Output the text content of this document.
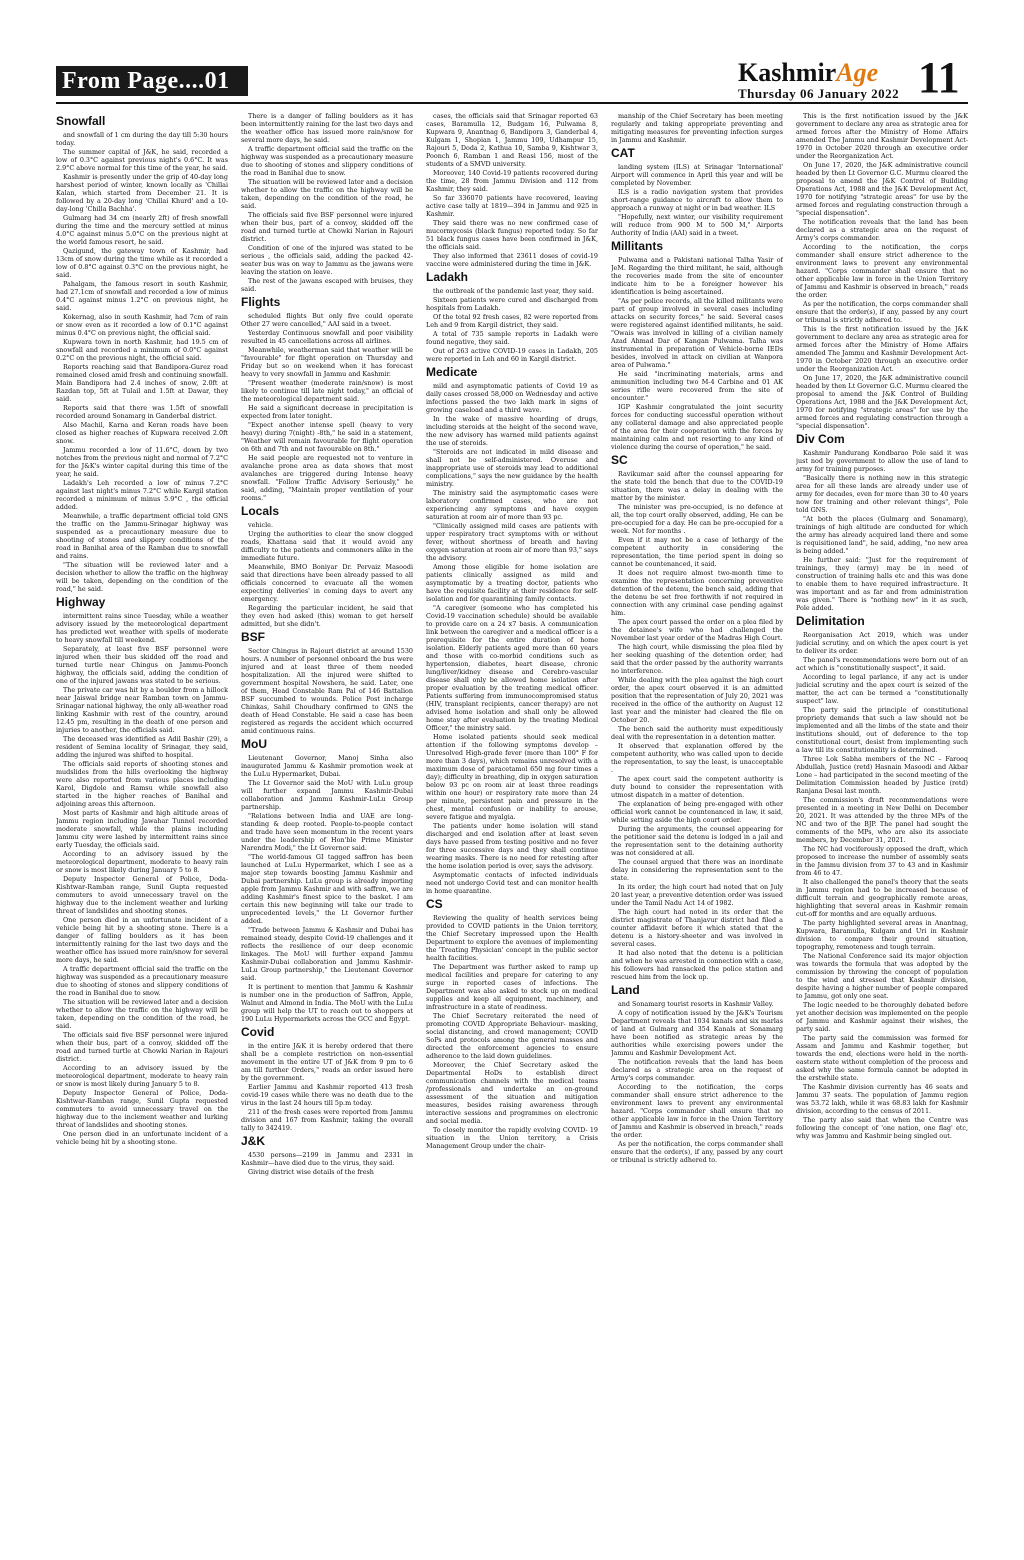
From Page....01	KashmirAge
Thursday 06 January 2022 11
Snowfall

and snowfall of 1 cm during the day till 5:30 hours today.

The summer capital of J&K, he said, recorded a low of 0.3°C against previous night's 0.6°C. It was 2.9°C above normal for this time of the year, he said.

Kashmir is presently under the grip of 40-day long harshest period of winter, known locally as 'Chillai Kalan, which started from December 21. It is followed by a 20-day long 'Chillai Khurd' and a 10-day-long 'Chilla Bachha'.

Gulmarg had 34 cm (nearly 2ft) of fresh snowfall during the time and the mercury settled at minus 4.0°C against minus 5.0°C on the previous night at the world famous resort, he said.

Qazigund, the gateway town of Kashmir, had 13cm of snow during the time while as it recorded a low of 0.8°C against 0.3°C on the previous night, he said.

Pahalgam, the famous resort in south Kashmir, had 27.1cm of snowfall and recorded a low of minus 0.4°C against minus 1.2°C on previous night, he said.

Kokernag, also in south Kashmir, had 7cm of rain or snow even as it recorded a low of 0.1°C against minus 0.4°C on previous night, the official said.

Kupwara town in north Kashmir, had 19.5 cm of snowfall and recorded a minimum of 0.0°C against 0.2°C on the previous night, the official said.

Reports reaching said that Bandipora-Gurez road remained closed amid fresh and continuing snowfall. Main Bandipora had 2.4 inches of snow, 2.0ft at Razdan top, 5ft at Tulail and 1.5ft at Dawar, they said.

Reports said that there was 1.5ft of snowfall recorded around Sonamarg in Ganderbal district.

Also Machil, Karna and Keran roads have been closed as higher reaches of Kupwara received 2.0ft snow.

Jammu recorded a low of 11.6°C, down by two notches from the previous night and normal of 7.2°C for the J&K's winter capital during this time of the year, he said.

Ladakh's Leh recorded a low of minus 7.2°C against last night's minus 7.2°C while Kargil station recorded a minimum of minus 5.9°C , the official added.

Meanwhile, a traffic department official told GNS the traffic on the Jammu-Srinagar highway was suspended as a precautionary measure due to shooting of stones and slippery conditions of the road in Banihal area of the Ramban due to snowfall and rains.

"The situation will be reviewed later and a decision whether to allow the traffic on the highway will be taken, depending on the condition of the road," he said.

Highway

intermittent rains since Tuesday, while a weather advisory issued by the meteorological department has predicted wet weather with spells of moderate to heavy snowfall till weekend.

Separately, at least five BSF personnel were injured when their bus skidded off the road and turned turtle near Chingus on Jammu-Poonch highway, the officials said, adding the condition of one of the injured jawans was stated to be serious.

The private car was hit by a boulder from a hillock near Jaiswal bridge near Ramban town on Jammu-Srinagar national highway, the only all-weather road linking Kashmir with rest of the country, around 12.45 pm, resulting in the death of one person and injuries to another, the officials said.

The deceased was identified as Adil Bashir (29), a resident of Semina locality of Srinagar, they said, adding the injured was shifted to hospital.

The officials said reports of shooting stones and mudslides from the hills overlooking the highway were also reported from various places including Karol, Digdole and Ramsu while snowfall also started in the higher reaches of Banihal and adjoining areas this afternoon.

Most parts of Kashmir and high altitude areas of Jammu region including Jawahar Tunnel recorded moderate snowfall, while the plains including Jammu city were lashed by intermittent rains since early Tuesday, the officials said.

According to an advisory issued by the meteorological department, moderate to heavy rain or snow is most likely during January 5 to 8.

Deputy Inspector General of Police, Doda-Kishtwar-Ramban range, Sunil Gupta requested commuters to avoid unnecessary travel on the highway due to the inclement weather and lurking threat of landslides and shooting stones.

One person died in an unfortunate incident of a vehicle being hit by a shooting stone. There is a danger of falling boulders as it has been intermittently raining for the last two days and the weather office has issued more rain/snow for several more days, he said.

A traffic department official said the traffic on the highway was suspended as a precautionary measure due to shooting of stones and slippery conditions of the road in Banihal due to snow.

The situation will be reviewed later and a decision whether to allow the traffic on the highway will be taken, depending on the condition of the road, he said.

The officials said five BSF personnel were injured when their bus, part of a convoy, skidded off the road and turned turtle at Chowki Narian in Rajouri district.

According to an advisory issued by the meteorological department, moderate to heavy rain or snow is most likely during January 5 to 8.

Deputy Inspector General of Police, Doda-Kishtwar-Ramban range, Sunil Gupta requested commuters to avoid unnecessary travel on the highway due to the inclement weather and lurking threat of landslides and shooting stones.

One person died in an unfortunate incident of a vehicle being hit by a shooting stone.

There is a danger of falling boulders as it has been intermittently raining for the last two days and the weather office has issued more rain/snow for several more days, he said.

A traffic department official said the traffic on the highway was suspended as a precautionary measure due to shooting of stones and slippery conditions of the road in Banihal due to snow.

The situation will be reviewed later and a decision whether to allow the traffic on the highway will be taken, depending on the condition of the road, he said.

The officials said five BSF personnel were injured when their bus, part of a convoy, skidded off the road and turned turtle at Chowki Narian in Rajouri district.

Condition of one of the injured was stated to be serious , the officials said, adding the packed 42-seater bus was on way to Jammu as the jawans were leaving the station on leave.

The rest of the jawans escaped with bruises, they said.

Flights

scheduled flights But only five could operate Other 27 were cancelled," AAI said in a tweet.

Yesterday Continuous snowfall and poor visibility resulted in 45 cancellations across all airlines.

Meanwhile, weatherman said that weather will be "favourable" for flight operation on Thursday and Friday but so on weekend when it has forecast heavy to very snowfall in Jammu and Kashmir.

"Present weather (moderate rain/snow) is most likely to continue till late night today," an official of the meteorological department said.

He said a significant decrease in precipitation is expected from later tonight.

"Expect another intense spell (heavy to very heavy) during 7(night) -8th," he said in a statement, "Weather will remain favourable for flight operation on 6th and 7th and not favourable on 8th."

He said people are requested not to venture in avalanche prone area as data shows that most avalanches are triggered during Intense heavy snowfall. "Follow Traffic Advisory Seriously," he said, adding, "Maintain proper ventilation of your rooms."

Locals

vehicle.

Urging the authorities to clear the snow clogged roads, Khattana said that it would avoid any difficulty to the patients and commoners alike in the immediate future.

Meanwhile, BMO Boniyar Dr. Pervaiz Masoodi said that directions have been already passed to all officials concerned to evacuate all the women expecting deliveries' in coming days to avert any emergency.

Regarding the particular incident, he said that they even had asked (this) woman to get herself admitted, but she didn't.

BSF

Sector Chingus in Rajouri district at around 1530 hours. A number of personnel onboard the bus were injured and at least three of them needed hospitalization. All the injured were shifted to government hospital Nowshera, he said. Later, one of them, Head Constable Ram Pal of 146 Battalion BSF succumbed to wounds. Police Post incharge Chinkas, Sahil Choudhary confirmed to GNS the death of Head Constable. He said a case has been registered as regards the accident which occurred amid continuous rains.

MoU

Lieutenant Governor, Manoj Sinha also inaugurated Jammu & Kashmir promotion week at the LuLu Hypermarket, Dubai.

The Lt Governor said the MoU with LuLu group will further expand Jammu Kashmir-Dubai collaboration and Jammu Kashmir-LuLu Group partnership.

"Relations between India and UAE are long-standing & deep rooted. People-to-people contact and trade have seen momentum in the recent years under the leadership of Hon'ble Prime Minister Narendra Modi," the Lt Governor said.

"The world-famous GI tagged saffron has been launched at LuLu Hypermarket, which I see as a major step towards boosting Jammu Kashmir and Dubai partnership. LuLu group is already importing apple from Jammu Kashmir and with saffron, we are adding Kashmir's finest spice to the basket. I am certain this new beginning will take our trade to unprecedented levels," the Lt Governor further added.

"Trade between Jammu & Kashmir and Dubai has remained steady, despite Covid-19 challenges and it reflects the resilience of our deep economic linkages. The MoU will further expand Jammu Kashmir-Dubai collaboration and Jammu Kashmir-LuLu Group partnership," the Lieutenant Governor said.

It is pertinent to mention that Jammu & Kashmir is number one in the production of Saffron, Apple, Walnut and Almond in India. The MoU with the LuLu group will help the UT to reach out to shoppers at 190 LuLu Hypermarkets across the GCC and Egypt.

Covid

in the entire J&K it is hereby ordered that there shall be a complete restriction on non-essential movement in the entire UT of J&K from 9 pm to 6 am till further Orders," reads an order issued here by the government.

Earlier Jammu and Kashmir reported 413 fresh covid-19 cases while there was no death due to the virus in the last 24 hours till 5p.m today.

211 of the fresh cases were reported from Jammu division and 167 from Kashmir, taking the overall tally to 342419.

J&K

4530 persons—2199 in Jammu and 2331 in Kashmir—have died due to the virus, they said.

Giving district wise details of the fresh

cases, the officials said that Srinagar reported 63 cases, Baramulla 12, Budgam 16, Pulwama 8, Kupwara 9, Anantnag 6, Bandipora 3, Ganderbal 4, Kulgam 1, Shopian 1, Jammu 109, Udhampur 15, Rajouri 5, Doda 2, Kathua 10, Samba 9, Kishtwar 3, Poonch 6, Ramban 1 and Reasi 156, most of the students of a SMVD university.

Moreover, 140 Covid-19 patients recovered during the time, 28 from Jammu Division and 112 from Kashmir, they said.

So far 336070 patients have recovered, leaving active case tally at 1819—394 in Jammu and 925 in Kashmir.

They said there was no new confirmed case of mucormycosis (black fungus) reported today. So far 51 black fungus cases have been confirmed in J&K, the officials said.

They also informed that 23611 doses of covid-19 vaccine were administered during the time in J&K.

Ladakh

the outbreak of the pandemic last year, they said.

Sixteen patients were cured and discharged from hospitals from Ladakh.

Of the total 92 fresh cases, 82 were reported from Leh and 9 from Kargil district, they said.

A total of 735 sample reports in Ladakh were found negative, they said.

Out of 263 active COVID-19 cases in Ladakh, 205 were reported in Leh and 60 in Kargil district.

Medicate

mild and asymptomatic patients of Covid 19 as daily cases crossed 58,000 on Wednesday and active infections passed the two lakh mark in signs of growing caseload and a third wave.

In the wake of massive hoarding of drugs, including steroids at the height of the second wave, the new advisory has warned mild patients against the use of steroids.

"Steroids are not indicated in mild disease and shall not be self-administered. Overuse and inappropriate use of steroids may lead to additional complications," says the new guidance by the health ministry.

The ministry said the asymptomatic cases were laboratory confirmed cases, who are not experiencing any symptoms and have oxygen saturation at room air of more than 93 pc.

"Clinically assigned mild cases are patients with upper respiratory tract symptoms with or without fever, without shortness of breath and having oxygen saturation at room air of more than 93," says the advisory.

Among those eligible for home isolation are patients clinically assigned as mild and asymptomatic by a treating doctor, patients who have the requisite facility at their residence for self-isolation and for quarantining family contacts.

"A caregiver (someone who has completed his Covid-19 vaccination schedule) should be available to provide care on a 24 x7 basis. A communication link between the caregiver and a medical officer is a prerequisite for the entire duration of home isolation. Elderly patients aged more than 60 years and those with co-morbid conditions such as hypertension, diabetes, heart disease, chronic lung/liver/kidney disease and Cerebro-vascular disease shall only be allowed home isolation after proper evaluation by the treating medical officer. Patients suffering from immunocompromised status (HIV, transplant recipients, cancer therapy) are not advised home isolation and shall only be allowed home stay after evaluation by the treating Medical Officer," the ministry said.

Home isolated patients should seek medical attention if the following symptoms develop – Unresolved High-grade fever (more than 100° F for more than 3 days), which remains unresolved with a maximum dose of paracetamol 650 mg four times a day); difficulty in breathing, dip in oxygen saturation below 93 pc on room air at least three readings within one hour) or respiratory rate more than 24 per minute, persistent pain and pressure in the chest, mental confusion or inability to arouse, severe fatigue and myalgia.

The patients under home isolation will stand discharged and end isolation after at least seven days have passed from testing positive and no fever for three successive days and they shall continue wearing masks. There is no need for retesting after the home isolation period is over, says the advisory.

Asymptomatic contacts of infected individuals need not undergo Covid test and can monitor health in home quarantine.

CS

Reviewing the quality of health services being provided to COVID patients in the Union territory, the Chief Secretary impressed upon the Health Department to explore the avenues of implementing the 'Treating Physician' concept in the public sector health facilities.

The Department was further asked to ramp up medical facilities and prepare for catering to any surge in reported cases of infections. The Department was also asked to stock up on medical supplies and keep all equipment, machinery, and infrastructure in a state of readiness.

The Chief Secretary reiterated the need of promoting COVID Appropriate Behaviour- masking, social distancing, and crowd management; COVID SoPs and protocols among the general masses and directed the enforcement agencies to ensure adherence to the laid down guidelines.

Moreover, the Chief Secretary asked the Departmental HoDs to establish direct communication channels with the medical teams /professionals and undertake an on-ground assessment of the situation and mitigation measures, besides raising awareness through interactive sessions and programmes on electronic and social media.

To closely monitor the rapidly evolving COVID- 19 situation in the Union territory, a Crisis Management Group under the chair-

manship of the Chief Secretary has been meeting regularly and taking appropriate preventing and mitigating measures for preventing infection surges in Jammu and Kashmir.

CAT

landing system (ILS) at Srinagar 'International' Airport will commence in April this year and will be completed by November.

ILS is a radio navigation system that provides short-range guidance to aircraft to allow them to approach a runway at night or in bad weather. ILS

"Hopefully, next winter, our visibility requirement will reduce from 900 M to 500 M," Airports Authority of India (AAI) said in a tweet.

Millitants

Pulwama and a Pakistani national Talha Yasir of JeM. Regarding the third militant, he said, although the recoveries made from the site of encounter indicate him to be a foreigner however his identification is being ascertained.

"As per police records, all the killed militants were part of group involved in several cases including attacks on security forces," he said. Several cases were registered against identified militants, he said. "Owais was involved in killing of a civilian namely Azad Ahmad Dar of Kangan Pulwama. Talha was instrumental in preparation of Vehicle-borne IEDs besides, involved in attack on civilian at Wanpora area of Pulwama."

He said "incriminating materials, arms and ammunition including two M-4 Carbine and 01 AK series rifle were recovered from the site of encounter."

IGP Kashmir congratulated the joint security forces for conducting successful operation without any collateral damage and also appreciated people of the area for their cooperation with the forces by maintaining calm and not resorting to any kind of violence during the course of operation," he said.

SC

Ravikumar said after the counsel appearing for the state told the bench that due to the COVID-19 situation, there was a delay in dealing with the matter by the minister.

The minister was pre-occupied, is no defence at all, the top court orally observed, adding, He can be pre-occupied for a day. He can be pre-occupied for a week. Not for months .

Even if it may not be a case of lethargy of the competent authority in considering the representation, the time period spent in doing so cannot be countenanced, it said.

It does not require almost two-month time to examine the representation concerning preventive detention of the detenu, the bench said, adding that the detenu be set free forthwith if not required in connection with any criminal case pending against him.

The apex court passed the order on a plea filed by the detainee's wife who had challenged the November last year order of the Madras High Court.

The high court, while dismissing the plea filed by her seeking quashing of the detention order, had said that the order passed by the authority warrants no interference.

While dealing with the plea against the high court order, the apex court observed it is an admitted position that the representation of July 20, 2021 was received in the office of the authority on August 12 last year and the minister had cleared the file on October 20.

The bench said the authority must expeditiously deal with the representation in a detention matter.

It observed that explanation offered by the competent authority, who was called upon to decide the representation, to say the least, is unacceptable .

The apex court said the competent authority is duty bound to consider the representation with utmost dispatch in a matter of detention.

The explanation of being pre-engaged with other official work cannot be countenanced in law, it said, while setting aside the high court order.

During the arguments, the counsel appearing for the petitioner said the detenu is lodged in a jail and the representation sent to the detaining authority was not considered at all.

The counsel argued that there was an inordinate delay in considering the representation sent to the state.

In its order, the high court had noted that on July 20 last year, a preventive detention order was issued under the Tamil Nadu Act 14 of 1982.

The high court had noted in its order that the district magistrate of Thanjavur district had filed a counter affidavit before it which stated that the detenu is a history-sheeter and was involved in several cases.

It had also noted that the detenu is a politician and when he was arrested in connection with a case, his followers had ransacked the police station and rescued him from the lock up.

Land

and Sonamarg tourist resorts in Kashmir Valley.

A copy of notification issued by the J&K's Tourism Department reveals that 1034 kanals and six marlas of land at Gulmarg and 354 Kanals at Sonamarg have been notified as strategic areas by the authorities while exercising powers under the Jammu and Kashmir Development Act.

The notification reveals that the land has been declared as a strategic area on the request of Army's corps commander.

According to the notification, the corps commander shall ensure strict adherence to the environment laws to prevent any environmental hazard. "Corps commander shall ensure that no other applicable law in force in the Union Territory of Jammu and Kashmir is observed in breach," reads the order.

As per the notification, the corps commander shall ensure that the order(s), if any, passed by any court or tribunal is strictly adhered to.

This is the first notification issued by the J&K government to declare any area as strategic area for armed forces after the Ministry of Home Affairs amended The Jammu and Kashmir Development Act-1970 in October 2020 through an executive order under the Reorganization Act.

On June 17, 2020, the J&K administrative council headed by then Lt Governor G.C. Murmu cleared the proposal to amend the J&K Control of Building Operations Act, 1988 and the J&K Development Act, 1970 for notifying "strategic areas" for use by the armed forces and regulating construction through a "special dispensation".

The notification reveals that the land has been declared as a strategic area on the request of Army's corps commander.

According to the notification, the corps commander shall ensure strict adherence to the environment laws to prevent any environmental hazard. "Corps commander shall ensure that no other applicable law in force in the Union Territory of Jammu and Kashmir is observed in breach," reads the order.

As per the notification, the corps commander shall ensure that the order(s), if any, passed by any court or tribunal is strictly adhered to.

This is the first notification issued by the J&K government to declare any area as strategic area for armed forces after the Ministry of Home Affairs amended The Jammu and Kashmir Development Act-1970 in October 2020 through an executive order under the Reorganization Act.

On June 17, 2020, the J&K administrative council headed by then Lt Governor G.C. Murmu cleared the proposal to amend the J&K Control of Building Operations Act, 1988 and the J&K Development Act, 1970 for notifying "strategic areas" for use by the armed forces and regulating construction through a "special dispensation".

Div Com

Kashmir Pandurang Kondbarao Pole said it was just nod by government to allow the use of land to army for training purposes.

"Basically there is nothing new in this strategic area for all these lands are already under use of army for decades, even for more than 30 to 40 years now for training and other relevant things", Pole told GNS.

"At both the places (Gulmarg and Sonamarg), trainings of high altitude are conducted for which the army has already acquired land there and some is requisitioned land", he said, adding, "no new area is being added."

He further said: "Just for the requirement of trainings, they (army) may be in need of construction of training halls etc and this was done to enable them to have required infrastructure. It was important and as far and from administration was given." There is "nothing new" in it as such, Pole added.

Delimitation

Reorganisation Act 2019, which was under judicial scrutiny, and on which the apex court is yet to deliver its order.

The panel's recommendations were born out of an act which is "constitutionally suspect", it said.

According to legal parlance, if any act is under judicial scrutiny and the apex court is seized of the matter, the act can be termed a "constitutionally suspect" law.

The party said the principle of constitutional propriety demands that such a law should not be implemented and all the limbs of the state and their institutions should, out of deference to the top constitutional court, desist from implementing such a law till its constitutionality is determined.

Three Lok Sabha members of the NC – Farooq Abdullah, Justice (retd) Hasnain Masoodi and Akbar Lone – had participated in the second meeting of the Delimitation Commission headed by Justice (retd) Ranjana Desai last month.

The commission's draft recommendations were presented in a meeting in New Delhi on December 20, 2021. It was attended by the three MPs of the NC and two of the BJP. The panel had sought the comments of the MPs, who are also its associate members, by December 31, 2021.

The NC had vociferously opposed the draft, which proposed to increase the number of assembly seats in the Jammu division from 37 to 43 and in Kashmir from 46 to 47.

It also challenged the panel's theory that the seats in Jammu region had to be increased because of difficult terrain and geographically remote areas, highlighting that several areas in Kashmir remain cut-off for months and are equally arduous.

The party highlighted several areas in Anantnag, Kupwara, Baramulla, Kulgam and Uri in Kashmir division to compare their ground situation, topography, remoteness and tough terrain.

The National Conference said its major objection was towards the formula that was adopted by the commission by throwing the concept of population to the wind and stressed that Kashmir division, despite having a higher number of people compared to Jammu, got only one seat.

The logic needed to be thoroughly debated before yet another decision was implemented on the people of Jammu and Kashmir against their wishes, the party said.

The party said the commission was formed for Assam and Jammu and Kashmir together, but towards the end, elections were held in the north-eastern state without completion of the process and asked why the same formula cannot be adopted in the erstwhile state.

The Kashmir division currently has 46 seats and Jammu 37 seats. The population of Jammu region was 53.72 lakh, while it was 68.83 lakh for Kashmir division, according to the census of 2011.

The party also said that when the Centre was following the concept of 'one nation, one flag' etc, why was Jammu and Kashmir being singled out.
